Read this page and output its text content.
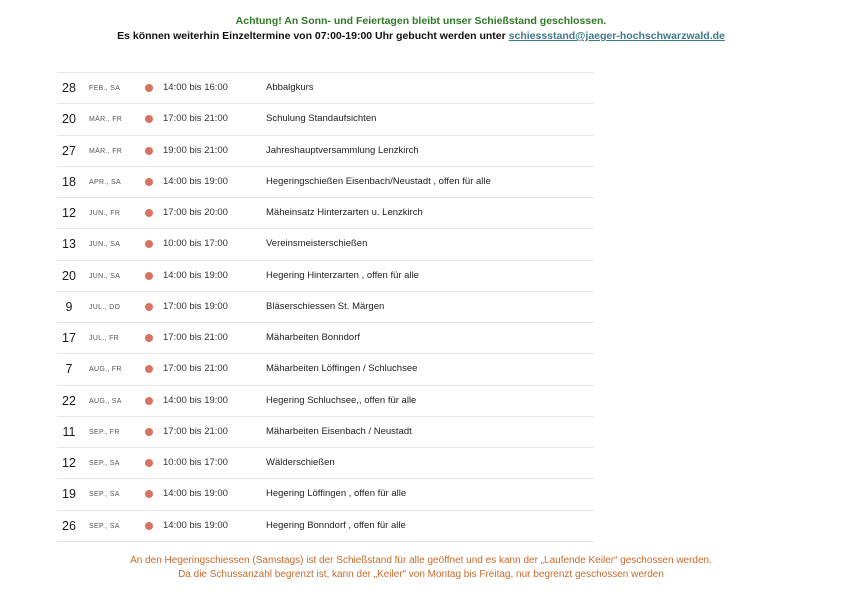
Achtung! An Sonn- und Feiertagen bleibt unser Schießstand geschlossen.
Es können weiterhin Einzeltermine von 07:00-19:00 Uhr gebucht werden unter schiessstand@jaeger-hochschwarzwald.de
28	FEB., SA	14:00 bis 16:00	Abbalgkurs
20	MÄR., FR	17:00 bis 21:00	Schulung Standaufsichten
27	MÄR., FR	19:00 bis 21:00	Jahreshauptversammlung Lenzkirch
18	APR., SA	14:00 bis 19:00	Hegeringschießen Eisenbach/Neustadt , offen für alle
12	JUN., FR	17:00 bis 20:00	Mäheinsatz Hinterzarten u. Lenzkirch
13	JUN., SA	10:00 bis 17:00	Vereinsmeisterschießen
20	JUN., SA	14:00 bis 19:00	Hegering Hinterzarten , offen für alle
9	JUL., DO	17:00 bis 19:00	Bläserschiessen St. Märgen
17	JUL., FR	17:00 bis 21:00	Mäharbeiten Bonndorf
7	AUG., FR	17:00 bis 21:00	Mäharbeiten Löffingen / Schluchsee
22	AUG., SA	14:00 bis 19:00	Hegering Schluchsee,, offen für alle
11	SEP., FR	17:00 bis 21:00	Mäharbeiten Eisenbach / Neustadt
12	SEP., SA	10:00 bis 17:00	Wälderschießen
19	SEP., SA	14:00 bis 19:00	Hegering Löffingen , offen für alle
26	SEP., SA	14:00 bis 19:00	Hegering Bonndorf , offen für alle
An den Hegeringschiessen (Samstags) ist der Schießstand für alle geöffnet und es kann der „Laufende Keiler“ geschossen werden.
Da die Schussanzahl begrenzt ist, kann der „Keiler“ von Montag bis Freitag, nur begrenzt geschossen werden
